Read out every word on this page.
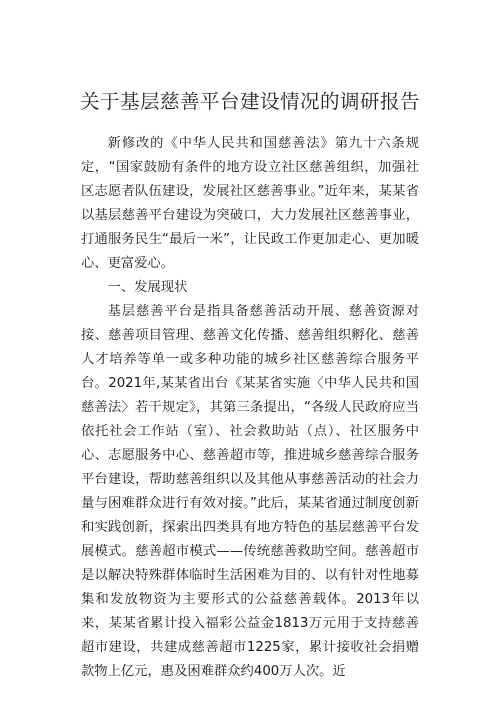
关于基层慈善平台建设情况的调研报告

新修改的《中华人民共和国慈善法》第九十六条规定，“国家鼓励有条件的地方设立社区慈善组织，加强社区志愿者队伍建设，发展社区慈善事业。”近年来，某某省以基层慈善平台建设为突破口，大力发展社区慈善事业，打通服务民生“最后一米”，让民政工作更加走心、更加暖心、更富爱心。

一、发展现状

基层慈善平台是指具备慈善活动开展、慈善资源对接、慈善项目管理、慈善文化传播、慈善组织孵化、慈善人才培养等单一或多种功能的城乡社区慈善综合服务平台。2021年,某某省出台《某某省实施〈中华人民共和国慈善法〉若干规定》，其第三条提出，“各级人民政府应当依托社会工作站（室）、社会救助站（点）、社区服务中心、志愿服务中心、慈善超市等，推进城乡慈善综合服务平台建设，帮助慈善组织以及其他从事慈善活动的社会力量与困难群众进行有效对接。”此后，某某省通过制度创新和实践创新，探索出四类具有地方特色的基层慈善平台发展模式。慈善超市模式——传统慈善救助空间。慈善超市是以解决特殊群体临时生活困难为目的、以有针对性地募集和发放物资为主要形式的公益慈善载体。2013年以来，某某省累计投入福彩公益金1813万元用于支持慈善超市建设，共建成慈善超市1225家，累计接收社会捐赠款物上亿元，惠及困难群众约400万人次。近
